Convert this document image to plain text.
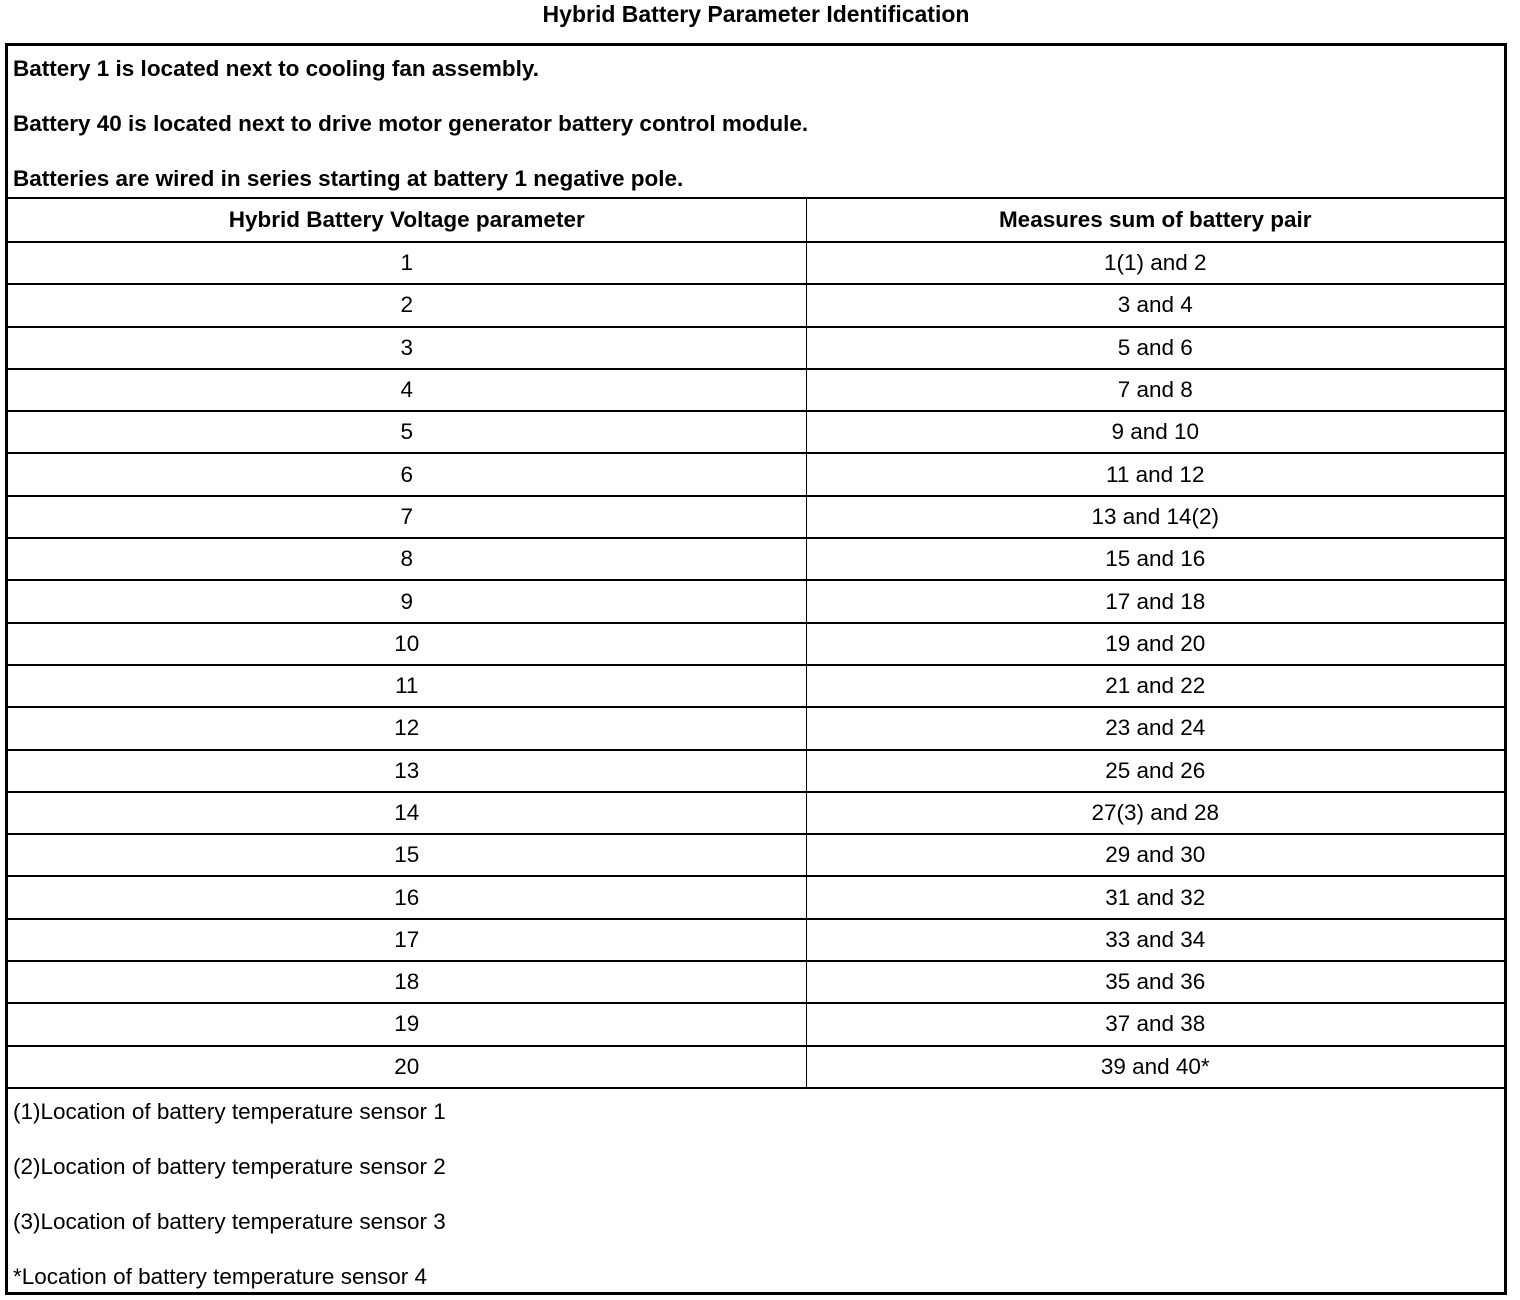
Hybrid Battery Parameter Identification
Battery 1 is located next to cooling fan assembly.
Battery 40 is located next to drive motor generator battery control module.
Batteries are wired in series starting at battery 1 negative pole.
Hybrid Battery Voltage parameter	Measures sum of battery pair
1	1(1) and 2
2	3 and 4
3	5 and 6
4	7 and 8
5	9 and 10
6	11 and 12
7	13 and 14(2)
8	15 and 16
9	17 and 18
10	19 and 20
11	21 and 22
12	23 and 24
13	25 and 26
14	27(3) and 28
15	29 and 30
16	31 and 32
17	33 and 34
18	35 and 36
19	37 and 38
20	39 and 40*
(1)Location of battery temperature sensor 1
(2)Location of battery temperature sensor 2
(3)Location of battery temperature sensor 3
*Location of battery temperature sensor 4
